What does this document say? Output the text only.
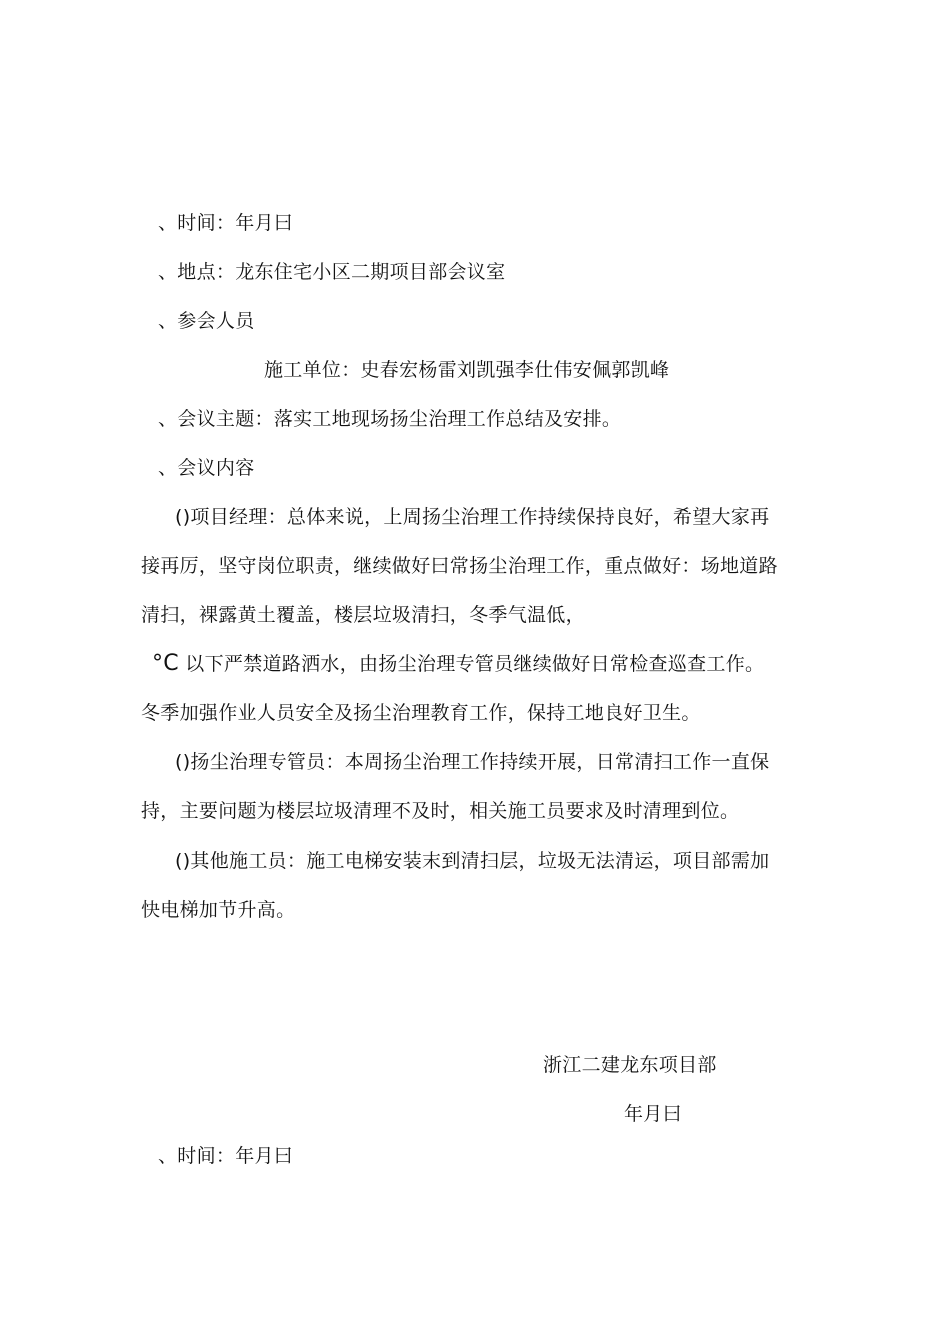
、时间：年月曰
、地点：龙东住宅小区二期项目部会议室
、参会人员
施工单位：史春宏杨雷刘凯强李仕伟安佩郭凯峰
、会议主题：落实工地现场扬尘治理工作总结及安排。
、会议内容
()项目经理：总体来说，上周扬尘治理工作持续保持良好，希望大家再
接再厉，坚守岗位职责，继续做好曰常扬尘治理工作，重点做好：场地道路
清扫，裸露黄土覆盖，楼层垃圾清扫，冬季气温低，
°C 以下严禁道路洒水，由扬尘治理专管员继续做好日常检查巡查工作。
冬季加强作业人员安全及扬尘治理教育工作，保持工地良好卫生。
()扬尘治理专管员：本周扬尘治理工作持续开展，日常清扫工作一直保
持，主要问题为楼层垃圾清理不及时，相关施工员要求及时清理到位。
()其他施工员：施工电梯安装末到清扫层，垃圾无法清运，项目部需加
快电梯加节升高。
浙江二建龙东项目部
年月曰
、时间：年月曰
